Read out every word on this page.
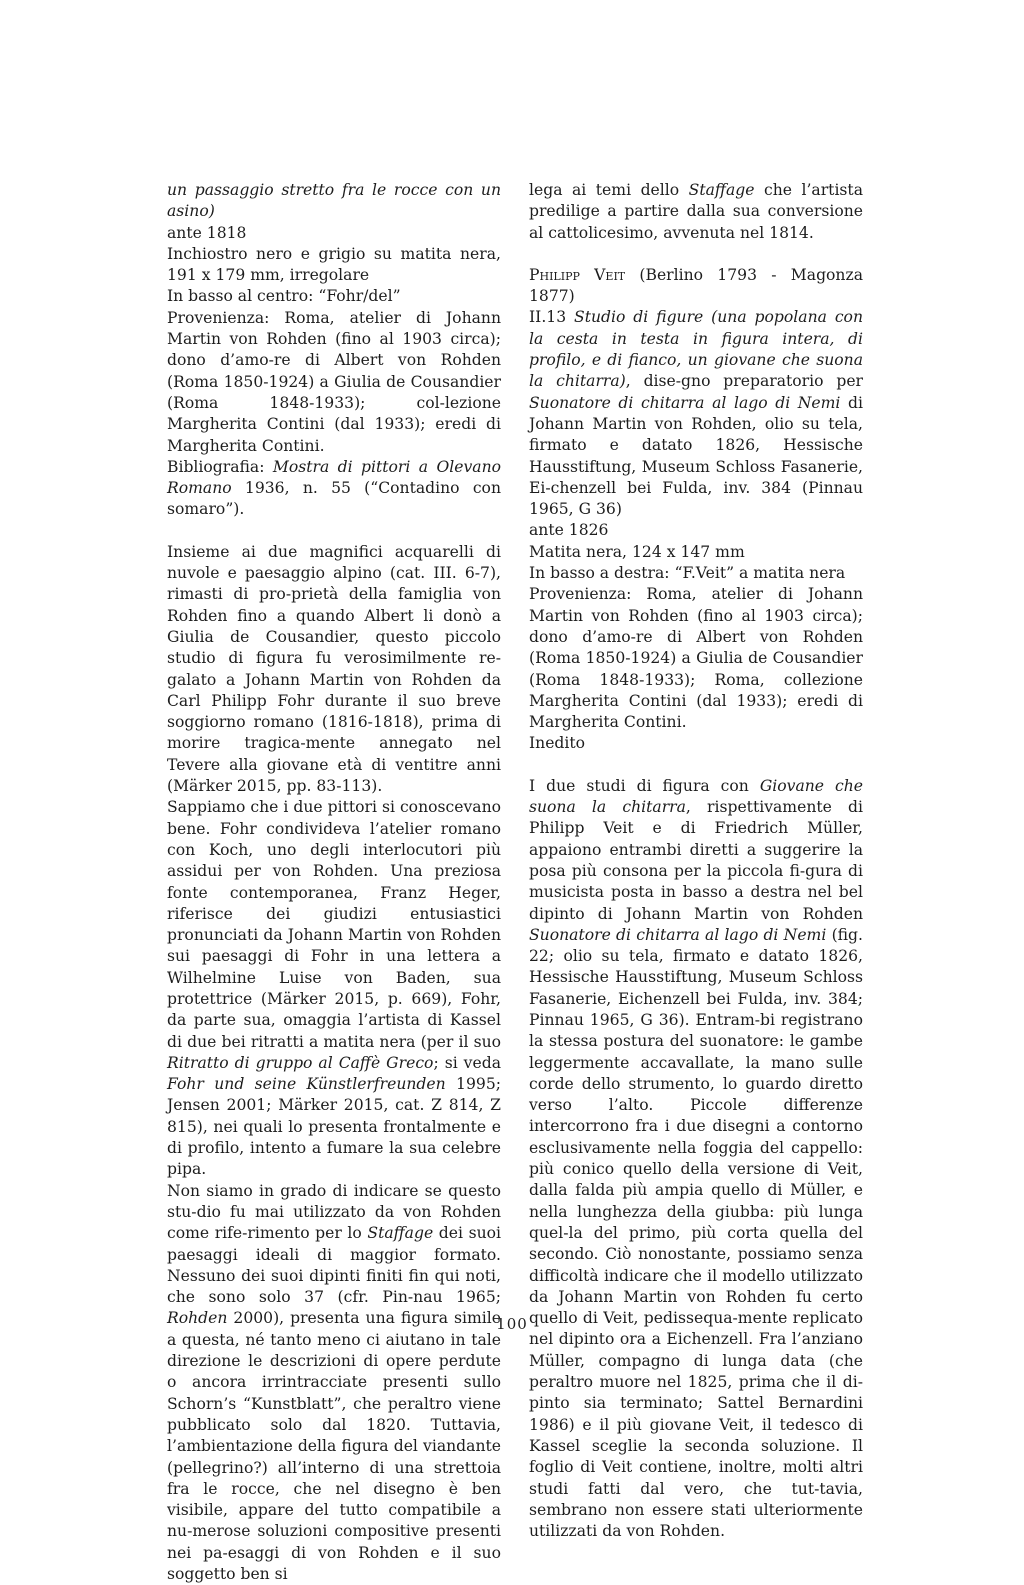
un passaggio stretto fra le rocce con un asino)

ante 1818

Inchiostro nero e grigio su matita nera, 191 x 179 mm, irregolare

In basso al centro: “Fohr/del”

Provenienza: Roma, atelier di Johann Martin von Rohden (fino al 1903 circa); dono d’amo-re di Albert von Rohden (Roma 1850-1924) a Giulia de Cousandier (Roma 1848-1933); col-lezione Margherita Contini (dal 1933); eredi di Margherita Contini.

Bibliografia: Mostra di pittori a Olevano Romano 1936, n. 55 (“Contadino con somaro”).

Insieme ai due magnifici acquarelli di nuvole e paesaggio alpino (cat. III. 6-7), rimasti di pro-prietà della famiglia von Rohden fino a quando Albert li donò a Giulia de Cousandier, questo piccolo studio di figura fu verosimilmente re-galato a Johann Martin von Rohden da Carl Philipp Fohr durante il suo breve soggiorno romano (1816-1818), prima di morire tragica-mente annegato nel Tevere alla giovane età di ventitre anni (Märker 2015, pp. 83-113).

Sappiamo che i due pittori si conoscevano bene. Fohr condivideva l’atelier romano con Koch, uno degli interlocutori più assidui per von Rohden. Una preziosa fonte contemporanea, Franz Heger, riferisce dei giudizi entusiastici pronunciati da Johann Martin von Rohden sui paesaggi di Fohr in una lettera a Wilhelmine Luise von Baden, sua protettrice (Märker 2015, p. 669), Fohr, da parte sua, omaggia l’artista di Kassel di due bei ritratti a matita nera (per il suo Ritratto di gruppo al Caffè Greco; si veda Fohr und seine Künstlerfreunden 1995; Jensen 2001; Märker 2015, cat. Z 814, Z 815), nei quali lo presenta frontalmente e di profilo, intento a fumare la sua celebre pipa.

Non siamo in grado di indicare se questo stu-dio fu mai utilizzato da von Rohden come rife-rimento per lo Staffage dei suoi paesaggi ideali di maggior formato. Nessuno dei suoi dipinti finiti fin qui noti, che sono solo 37 (cfr. Pin-nau 1965; Rohden 2000), presenta una figura simile a questa, né tanto meno ci aiutano in tale direzione le descrizioni di opere perdute o ancora irrintracciate presenti sullo Schorn’s “Kunstblatt”, che peraltro viene pubblicato solo dal 1820. Tuttavia, l’ambientazione della figura del viandante (pellegrino?) all’interno di una strettoia fra le rocce, che nel disegno è ben visibile, appare del tutto compatibile a nu-merose soluzioni compositive presenti nei pa-esaggi di von Rohden e il suo soggetto ben si

lega ai temi dello Staffage che l’artista predilige a partire dalla sua conversione al cattolicesimo, avvenuta nel 1814.

Philipp Veit (Berlino 1793 - Magonza 1877)

II.13 Studio di figure (una popolana con la cesta in testa in figura intera, di profilo, e di fianco, un giovane che suona la chitarra), dise-gno preparatorio per Suonatore di chitarra al lago di Nemi di Johann Martin von Rohden, olio su tela, firmato e datato 1826, Hessische Hausstiftung, Museum Schloss Fasanerie, Ei-chenzell bei Fulda, inv. 384 (Pinnau 1965, G 36)

ante 1826

Matita nera, 124 x 147 mm

In basso a destra: “F.Veit” a matita nera

Provenienza: Roma, atelier di Johann Martin von Rohden (fino al 1903 circa); dono d’amo-re di Albert von Rohden (Roma 1850-1924) a Giulia de Cousandier (Roma 1848-1933); Roma, collezione Margherita Contini (dal 1933); eredi di Margherita Contini.

Inedito

I due studi di figura con Giovane che suona la chitarra, rispettivamente di Philipp Veit e di Friedrich Müller, appaiono entrambi diretti a suggerire la posa più consona per la piccola fi-gura di musicista posta in basso a destra nel bel dipinto di Johann Martin von Rohden Suonatore di chitarra al lago di Nemi (fig. 22; olio su tela, firmato e datato 1826, Hessische Hausstiftung, Museum Schloss Fasanerie, Eichenzell bei Fulda, inv. 384; Pinnau 1965, G 36). Entram-bi registrano la stessa postura del suonatore: le gambe leggermente accavallate, la mano sulle corde dello strumento, lo guardo diretto verso l’alto. Piccole differenze intercorrono fra i due disegni a contorno esclusivamente nella foggia del cappello: più conico quello della versione di Veit, dalla falda più ampia quello di Müller, e nella lunghezza della giubba: più lunga quel-la del primo, più corta quella del secondo. Ciò nonostante, possiamo senza difficoltà indicare che il modello utilizzato da Johann Martin von Rohden fu certo quello di Veit, pedissequa-mente replicato nel dipinto ora a Eichenzell. Fra l’anziano Müller, compagno di lunga data (che peraltro muore nel 1825, prima che il di-pinto sia terminato; Sattel Bernardini 1986) e il più giovane Veit, il tedesco di Kassel sceglie la seconda soluzione. Il foglio di Veit contiene, inoltre, molti altri studi fatti dal vero, che tut-tavia, sembrano non essere stati ulteriormente utilizzati da von Rohden.

100
